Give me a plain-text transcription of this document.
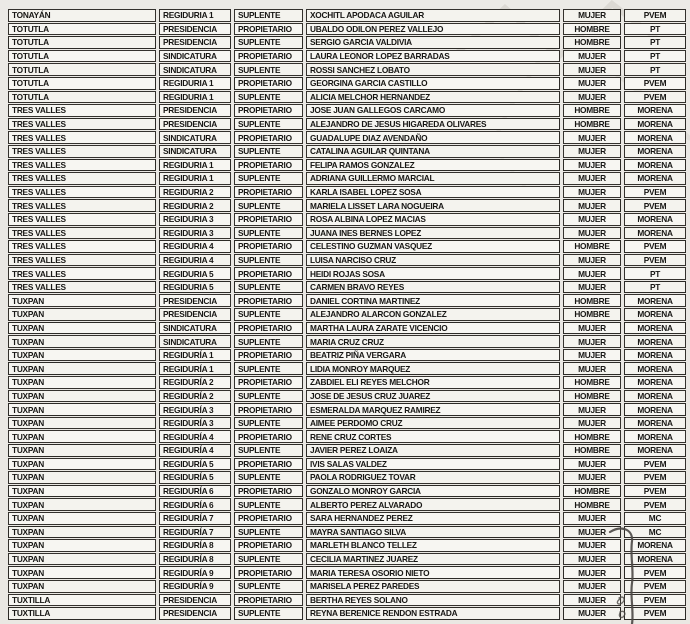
TONAYÁN	REGIDURIA 1	SUPLENTE	XOCHITL APODACA AGUILAR	MUJER	PVEM
TOTUTLA	PRESIDENCIA	PROPIETARIO	UBALDO ODILON PEREZ VALLEJO	HOMBRE	PT
TOTUTLA	PRESIDENCIA	SUPLENTE	SERGIO GARCIA VALDIVIA	HOMBRE	PT
TOTUTLA	SINDICATURA	PROPIETARIO	LAURA LEONOR LOPEZ BARRADAS	MUJER	PT
TOTUTLA	SINDICATURA	SUPLENTE	ROSSI SANCHEZ LOBATO	MUJER	PT
TOTUTLA	REGIDURIA 1	PROPIETARIO	GEORGINA GARCIA CASTILLO	MUJER	PVEM
TOTUTLA	REGIDURIA 1	SUPLENTE	ALICIA MELCHOR HERNANDEZ	MUJER	PVEM
TRES VALLES	PRESIDENCIA	PROPIETARIO	JOSE JUAN GALLEGOS CARCAMO	HOMBRE	MORENA
TRES VALLES	PRESIDENCIA	SUPLENTE	ALEJANDRO DE JESUS HIGAREDA OLIVARES	HOMBRE	MORENA
TRES VALLES	SINDICATURA	PROPIETARIO	GUADALUPE DIAZ AVENDAÑO	MUJER	MORENA
TRES VALLES	SINDICATURA	SUPLENTE	CATALINA AGUILAR QUINTANA	MUJER	MORENA
TRES VALLES	REGIDURIA 1	PROPIETARIO	FELIPA RAMOS GONZALEZ	MUJER	MORENA
TRES VALLES	REGIDURIA 1	SUPLENTE	ADRIANA GUILLERMO MARCIAL	MUJER	MORENA
TRES VALLES	REGIDURIA 2	PROPIETARIO	KARLA ISABEL LOPEZ SOSA	MUJER	PVEM
TRES VALLES	REGIDURIA 2	SUPLENTE	MARIELA LISSET LARA NOGUEIRA	MUJER	PVEM
TRES VALLES	REGIDURIA 3	PROPIETARIO	ROSA ALBINA LOPEZ MACIAS	MUJER	MORENA
TRES VALLES	REGIDURIA 3	SUPLENTE	JUANA INES BERNES LOPEZ	MUJER	MORENA
TRES VALLES	REGIDURIA 4	PROPIETARIO	CELESTINO GUZMAN VASQUEZ	HOMBRE	PVEM
TRES VALLES	REGIDURIA 4	SUPLENTE	LUISA NARCISO CRUZ	MUJER	PVEM
TRES VALLES	REGIDURIA 5	PROPIETARIO	HEIDI ROJAS SOSA	MUJER	PT
TRES VALLES	REGIDURIA 5	SUPLENTE	CARMEN BRAVO REYES	MUJER	PT
TUXPAN	PRESIDENCIA	PROPIETARIO	DANIEL CORTINA MARTINEZ	HOMBRE	MORENA
TUXPAN	PRESIDENCIA	SUPLENTE	ALEJANDRO ALARCON GONZALEZ	HOMBRE	MORENA
TUXPAN	SINDICATURA	PROPIETARIO	MARTHA LAURA ZARATE VICENCIO	MUJER	MORENA
TUXPAN	SINDICATURA	SUPLENTE	MARIA CRUZ CRUZ	MUJER	MORENA
TUXPAN	REGIDURÍA 1	PROPIETARIO	BEATRIZ PIÑA VERGARA	MUJER	MORENA
TUXPAN	REGIDURÍA 1	SUPLENTE	LIDIA MONROY MARQUEZ	MUJER	MORENA
TUXPAN	REGIDURÍA 2	PROPIETARIO	ZABDIEL ELI REYES MELCHOR	HOMBRE	MORENA
TUXPAN	REGIDURÍA 2	SUPLENTE	JOSE DE JESUS CRUZ JUAREZ	HOMBRE	MORENA
TUXPAN	REGIDURÍA 3	PROPIETARIO	ESMERALDA MARQUEZ RAMIREZ	MUJER	MORENA
TUXPAN	REGIDURÍA 3	SUPLENTE	AIMEE PERDOMO CRUZ	MUJER	MORENA
TUXPAN	REGIDURÍA 4	PROPIETARIO	RENE CRUZ CORTES	HOMBRE	MORENA
TUXPAN	REGIDURÍA 4	SUPLENTE	JAVIER PEREZ LOAIZA	HOMBRE	MORENA
TUXPAN	REGIDURÍA 5	PROPIETARIO	IVIS SALAS VALDEZ	MUJER	PVEM
TUXPAN	REGIDURÍA 5	SUPLENTE	PAOLA RODRIGUEZ TOVAR	MUJER	PVEM
TUXPAN	REGIDURÍA 6	PROPIETARIO	GONZALO MONROY GARCIA	HOMBRE	PVEM
TUXPAN	REGIDURÍA 6	SUPLENTE	ALBERTO PEREZ ALVARADO	HOMBRE	PVEM
TUXPAN	REGIDURÍA 7	PROPIETARIO	SARA HERNANDEZ PEREZ	MUJER	MC
TUXPAN	REGIDURÍA 7	SUPLENTE	MAYRA SANTIAGO SILVA	MUJER	MC
TUXPAN	REGIDURÍA 8	PROPIETARIO	MARLETH BLANCO TELLEZ	MUJER	MORENA
TUXPAN	REGIDURÍA 8	SUPLENTE	CECILIA MARTINEZ JUAREZ	MUJER	MORENA
TUXPAN	REGIDURÍA 9	PROPIETARIO	MARIA TERESA OSORIO NIETO	MUJER	PVEM
TUXPAN	REGIDURÍA 9	SUPLENTE	MARISELA PEREZ PAREDES	MUJER	PVEM
TUXTILLA	PRESIDENCIA	PROPIETARIO	BERTHA REYES SOLANO	MUJER	PVEM
TUXTILLA	PRESIDENCIA	SUPLENTE	REYNA BERENICE RENDON ESTRADA	MUJER	PVEM
